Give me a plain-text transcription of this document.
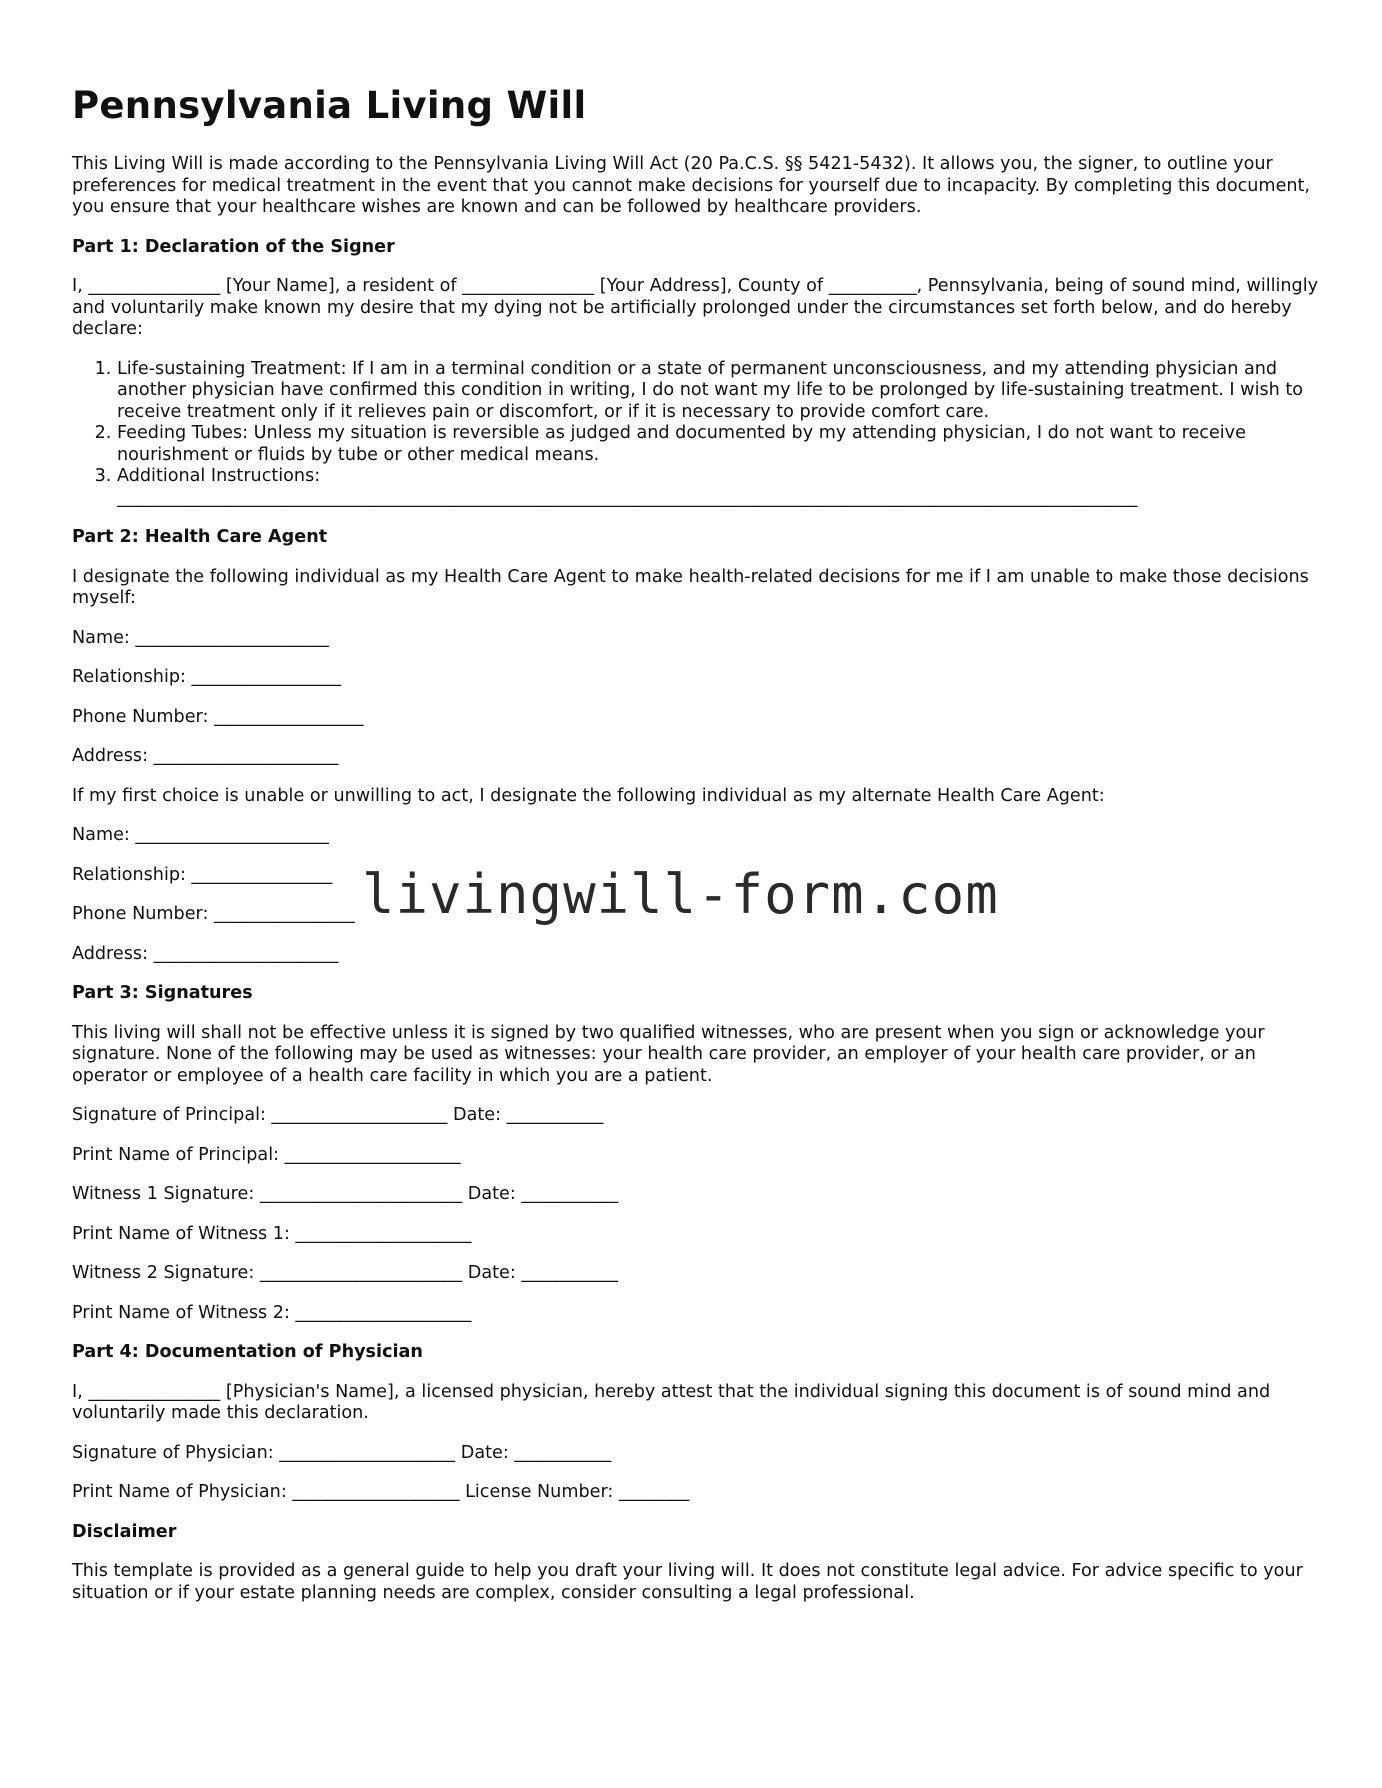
Pennsylvania Living Will

This Living Will is made according to the Pennsylvania Living Will Act (20 Pa.C.S. §§ 5421-5432). It allows you, the signer, to outline your preferences for medical treatment in the event that you cannot make decisions for yourself due to incapacity. By completing this document, you ensure that your healthcare wishes are known and can be followed by healthcare providers.

Part 1: Declaration of the Signer

I, _______________ [Your Name], a resident of _______________ [Your Address], County of __________, Pennsylvania, being of sound mind, willingly and voluntarily make known my desire that my dying not be artificially prolonged under the circumstances set forth below, and do hereby declare:

1. Life-sustaining Treatment: If I am in a terminal condition or a state of permanent unconsciousness, and my attending physician and another physician have confirmed this condition in writing, I do not want my life to be prolonged by life-sustaining treatment. I wish to receive treatment only if it relieves pain or discomfort, or if it is necessary to provide comfort care.
2. Feeding Tubes: Unless my situation is reversible as judged and documented by my attending physician, I do not want to receive nourishment or fluids by tube or other medical means.
3. Additional Instructions:
____________________________________________________________________________________________________________________
Part 2: Health Care Agent

I designate the following individual as my Health Care Agent to make health-related decisions for me if I am unable to make those decisions myself:

Name: ______________________

Relationship: _________________

Phone Number: _________________

Address: _____________________

If my first choice is unable or unwilling to act, I designate the following individual as my alternate Health Care Agent:

Name: ______________________

Relationship: ________________

Phone Number: ________________

Address: _____________________

Part 3: Signatures

This living will shall not be effective unless it is signed by two qualified witnesses, who are present when you sign or acknowledge your signature. None of the following may be used as witnesses: your health care provider, an employer of your health care provider, or an operator or employee of a health care facility in which you are a patient.

Signature of Principal: ____________________ Date: ___________

Print Name of Principal: ____________________

Witness 1 Signature: _______________________ Date: ___________

Print Name of Witness 1: ____________________

Witness 2 Signature: _______________________ Date: ___________

Print Name of Witness 2: ____________________

Part 4: Documentation of Physician

I, _______________ [Physician's Name], a licensed physician, hereby attest that the individual signing this document is of sound mind and voluntarily made this declaration.

Signature of Physician: ____________________ Date: ___________

Print Name of Physician: ___________________ License Number: ________

Disclaimer

This template is provided as a general guide to help you draft your living will. It does not constitute legal advice. For advice specific to your situation or if your estate planning needs are complex, consider consulting a legal professional.

livingwill-form.com
